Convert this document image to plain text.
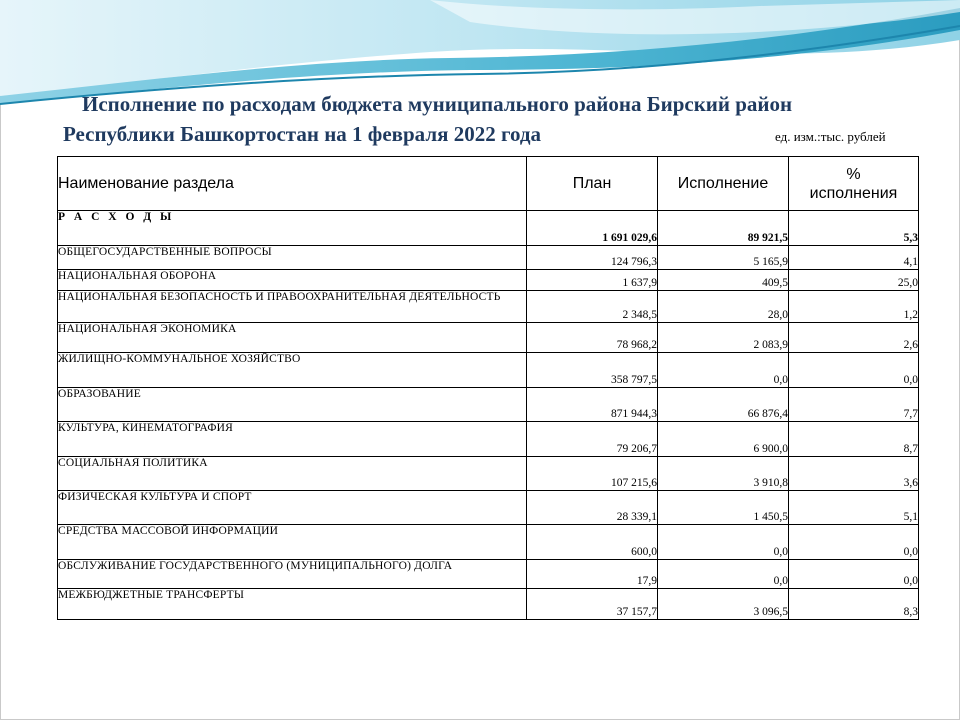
Исполнение по расходам бюджета муниципального района Бирский район
Республики Башкортостан на 1 февраля 2022 года	ед. изм.:тыс. рублей
Наименование раздела	План	Исполнение	%
исполнения

Р А С Х О Д Ы	1 691 029,6	89 921,5	5,3
ОБЩЕГОСУДАРСТВЕННЫЕ ВОПРОСЫ	124 796,3	5 165,9	4,1
НАЦИОНАЛЬНАЯ ОБОРОНА	1 637,9	409,5	25,0
НАЦИОНАЛЬНАЯ БЕЗОПАСНОСТЬ И ПРАВООХРАНИТЕЛЬНАЯ ДЕЯТЕЛЬНОСТЬ	2 348,5	28,0	1,2
НАЦИОНАЛЬНАЯ ЭКОНОМИКА	78 968,2	2 083,9	2,6
ЖИЛИЩНО-КОММУНАЛЬНОЕ ХОЗЯЙСТВО	358 797,5	0,0	0,0
ОБРАЗОВАНИЕ	871 944,3	66 876,4	7,7
КУЛЬТУРА, КИНЕМАТОГРАФИЯ	79 206,7	6 900,0	8,7
СОЦИАЛЬНАЯ ПОЛИТИКА	107 215,6	3 910,8	3,6
ФИЗИЧЕСКАЯ КУЛЬТУРА И СПОРТ	28 339,1	1 450,5	5,1
СРЕДСТВА МАССОВОЙ ИНФОРМАЦИИ	600,0	0,0	0,0
ОБСЛУЖИВАНИЕ ГОСУДАРСТВЕННОГО (МУНИЦИПАЛЬНОГО) ДОЛГА	17,9	0,0	0,0
МЕЖБЮДЖЕТНЫЕ ТРАНСФЕРТЫ	37 157,7	3 096,5	8,3
